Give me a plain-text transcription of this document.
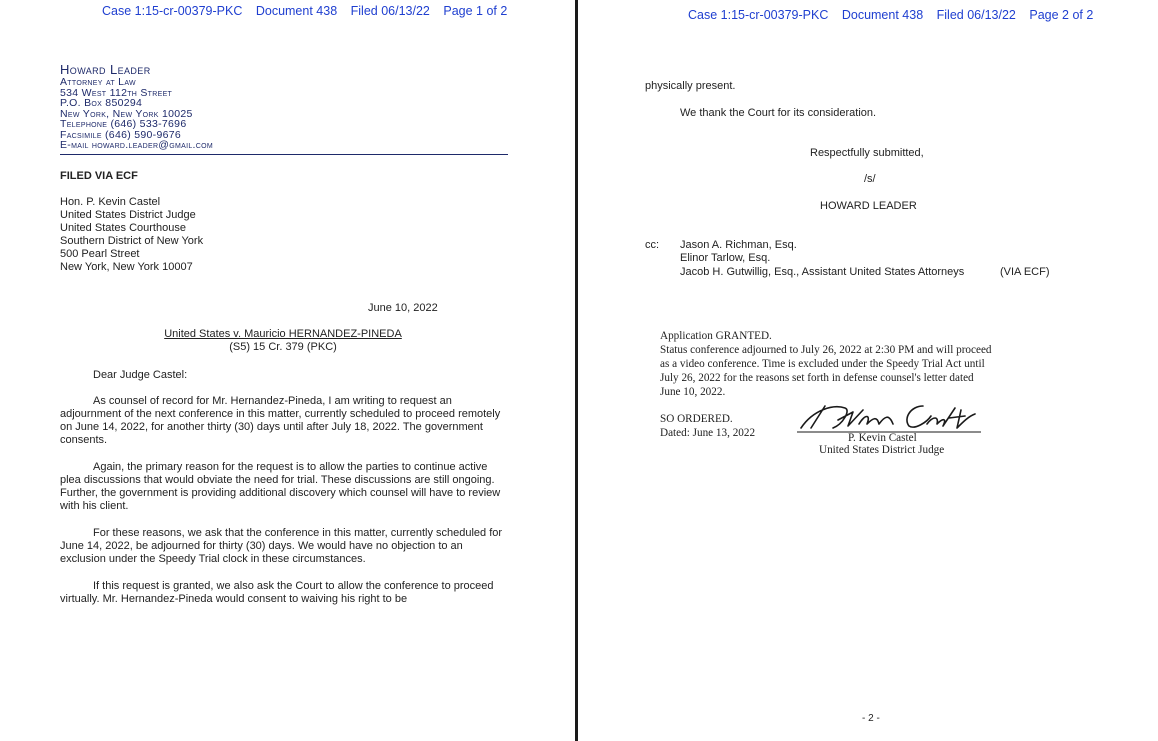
Case 1:15-cr-00379-PKC Document 438 Filed 06/13/22 Page 1 of 2
Howard Leader
Attorney at Law
534 West 112th Street
P.O. Box 850294
New York, New York 10025
Telephone (646) 533-7696
Facsimile (646) 590-9676
E-mail howard.leader@gmail.com
FILED VIA ECF
Hon. P. Kevin Castel
United States District Judge
United States Courthouse
Southern District of New York
500 Pearl Street
New York, New York 10007
June 10, 2022
United States v. Mauricio HERNANDEZ-PINEDA
(S5) 15 Cr. 379 (PKC)
Dear Judge Castel:
As counsel of record for Mr. Hernandez-Pineda, I am writing to request an adjournment of the next conference in this matter, currently scheduled to proceed remotely on June 14, 2022, for another thirty (30) days until after July 18, 2022. The government consents.
Again, the primary reason for the request is to allow the parties to continue active plea discussions that would obviate the need for trial. These discussions are still ongoing. Further, the government is providing additional discovery which counsel will have to review with his client.
For these reasons, we ask that the conference in this matter, currently scheduled for June 14, 2022, be adjourned for thirty (30) days. We would have no objection to an exclusion under the Speedy Trial clock in these circumstances.
If this request is granted, we also ask the Court to allow the conference to proceed virtually. Mr. Hernandez-Pineda would consent to waiving his right to be
Case 1:15-cr-00379-PKC Document 438 Filed 06/13/22 Page 2 of 2
physically present.
We thank the Court for its consideration.
Respectfully submitted,
/s/
HOWARD LEADER
cc: Jason A. Richman, Esq.
Elinor Tarlow, Esq.
Jacob H. Gutwillig, Esq., Assistant United States Attorneys	(VIA ECF)
Application GRANTED.
Status conference adjourned to July 26, 2022 at 2:30 PM and will proceed
as a video conference. Time is excluded under the Speedy Trial Act until
July 26, 2022 for the reasons set forth in defense counsel's letter dated
June 10, 2022.
SO ORDERED.
Dated: June 13, 2022	P. Kevin Castel
United States District Judge
- 2 -
